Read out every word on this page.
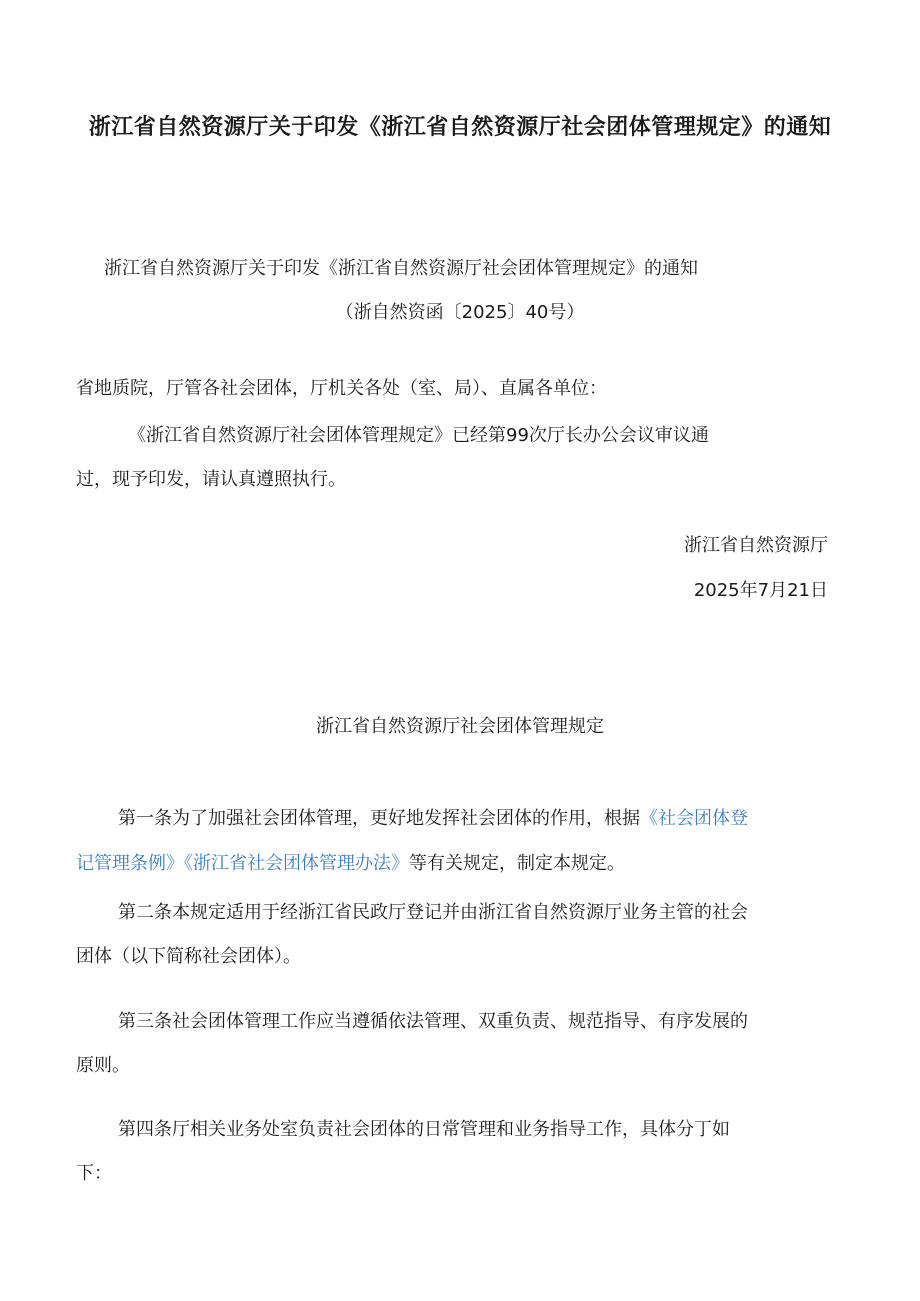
浙江省自然资源厅关于印发《浙江省自然资源厅社会团体管理规定》的通知

浙江省自然资源厅关于印发《浙江省自然资源厅社会团体管理规定》的通知

（浙自然资函〔2025〕40号）

省地质院，厅管各社会团体，厅机关各处（室、局）、直属各单位：

《浙江省自然资源厅社会团体管理规定》已经第99次厅长办公会议审议通

过，现予印发，请认真遵照执行。

浙江省自然资源厅

2025年7月21日

浙江省自然资源厅社会团体管理规定

第一条为了加强社会团体管理，更好地发挥社会团体的作用，根据《社会团体登

记管理条例》《浙江省社会团体管理办法》等有关规定，制定本规定。

第二条本规定适用于经浙江省民政厅登记并由浙江省自然资源厅业务主管的社会

团体（以下简称社会团体）。

第三条社会团体管理工作应当遵循依法管理、双重负责、规范指导、有序发展的

原则。

第四条厅相关业务处室负责社会团体的日常管理和业务指导工作，具体分丁如

下：
